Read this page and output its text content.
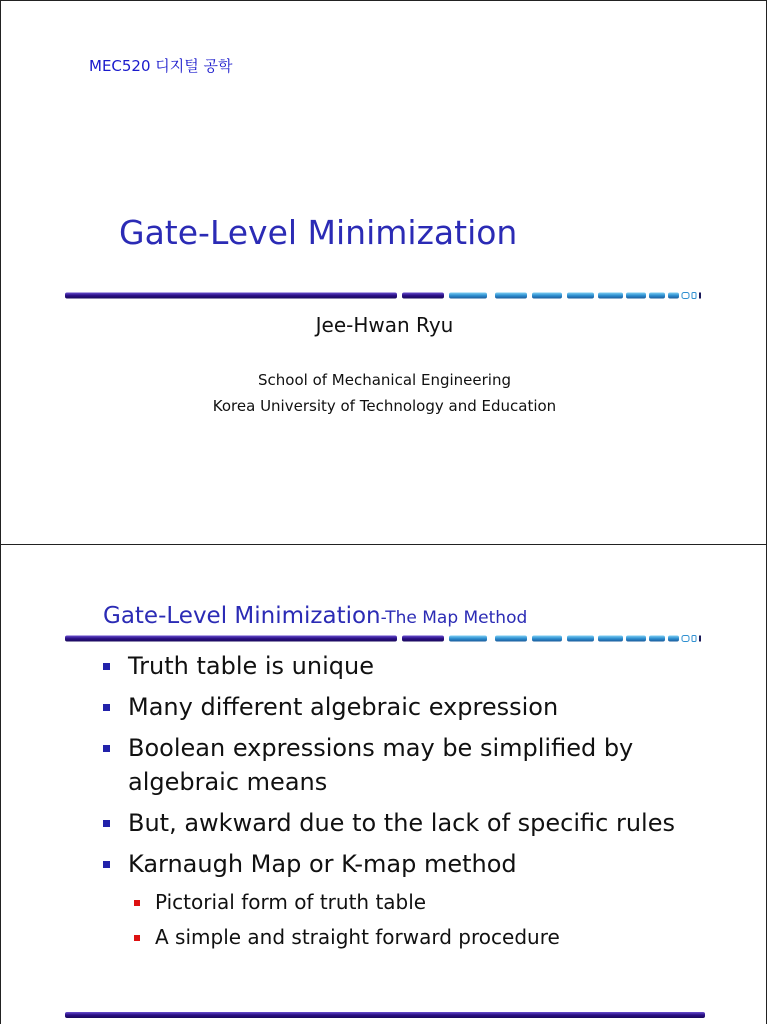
MEC520 디지털 공학
Gate-Level Minimization
Jee-Hwan Ryu
School of Mechanical Engineering
Korea University of Technology and Education
Gate-Level Minimization-The Map Method
Truth table is unique
Many different algebraic expression
Boolean expressions may be simplified by algebraic means
But, awkward due to the lack of specific rules
Karnaugh Map or K-map method
Pictorial form of truth table
A simple and straight forward procedure
